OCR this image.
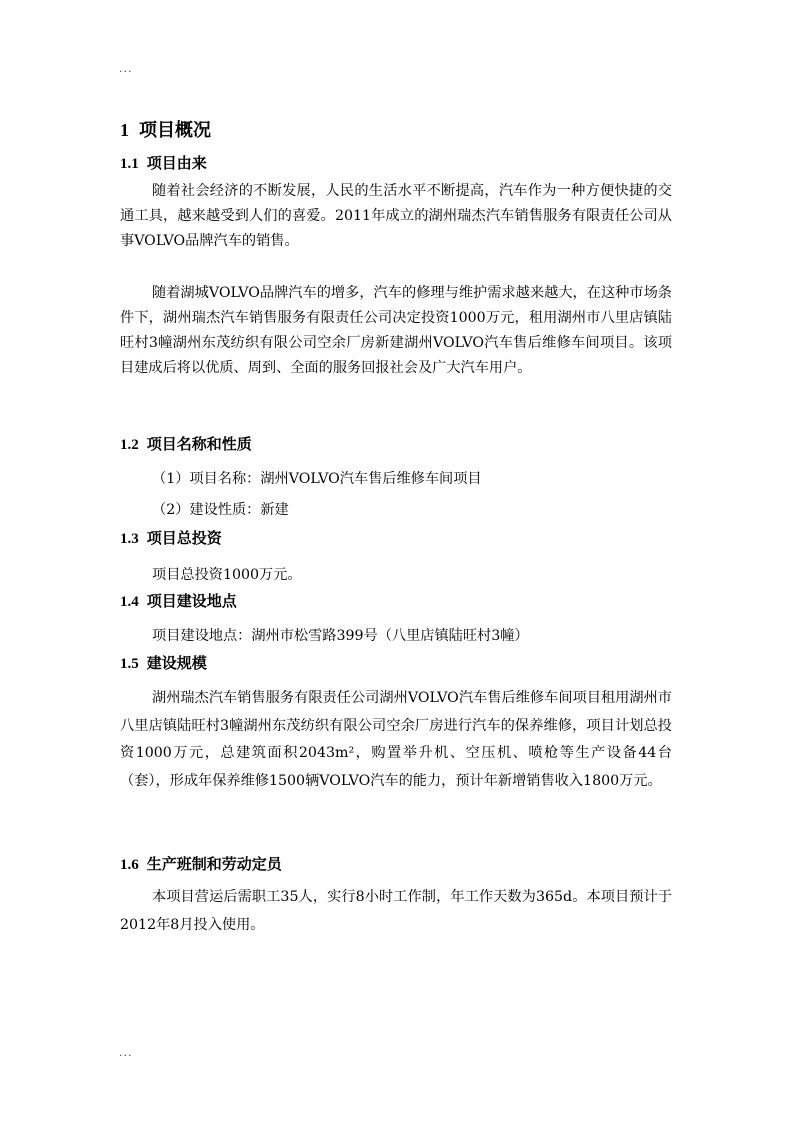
...
1 项目概况
1.1 项目由来

随着社会经济的不断发展，人民的生活水平不断提高，汽车作为一种方便快捷的交通工具，越来越受到人们的喜爱。2011年成立的湖州瑞杰汽车销售服务有限责任公司从事VOLVO品牌汽车的销售。

随着湖城VOLVO品牌汽车的增多，汽车的修理与维护需求越来越大，在这种市场条件下，湖州瑞杰汽车销售服务有限责任公司决定投资1000万元，租用湖州市八里店镇陆旺村3幢湖州东茂纺织有限公司空余厂房新建湖州VOLVO汽车售后维修车间项目。该项目建成后将以优质、周到、全面的服务回报社会及广大汽车用户。

1.2 项目名称和性质
（1）项目名称：湖州VOLVO汽车售后维修车间项目
（2）建设性质：新建
1.3 项目总投资
项目总投资1000万元。
1.4 项目建设地点
项目建设地点：湖州市松雪路399号（八里店镇陆旺村3幢）
1.5 建设规模

湖州瑞杰汽车销售服务有限责任公司湖州VOLVO汽车售后维修车间项目租用湖州市八里店镇陆旺村3幢湖州东茂纺织有限公司空余厂房进行汽车的保养维修，项目计划总投资1000万元，总建筑面积2043m²，购置举升机、空压机、喷枪等生产设备44台（套），形成年保养维修1500辆VOLVO汽车的能力，预计年新增销售收入1800万元。

1.6 生产班制和劳动定员

本项目营运后需职工35人，实行8小时工作制，年工作天数为365d。本项目预计于2012年8月投入使用。

...
